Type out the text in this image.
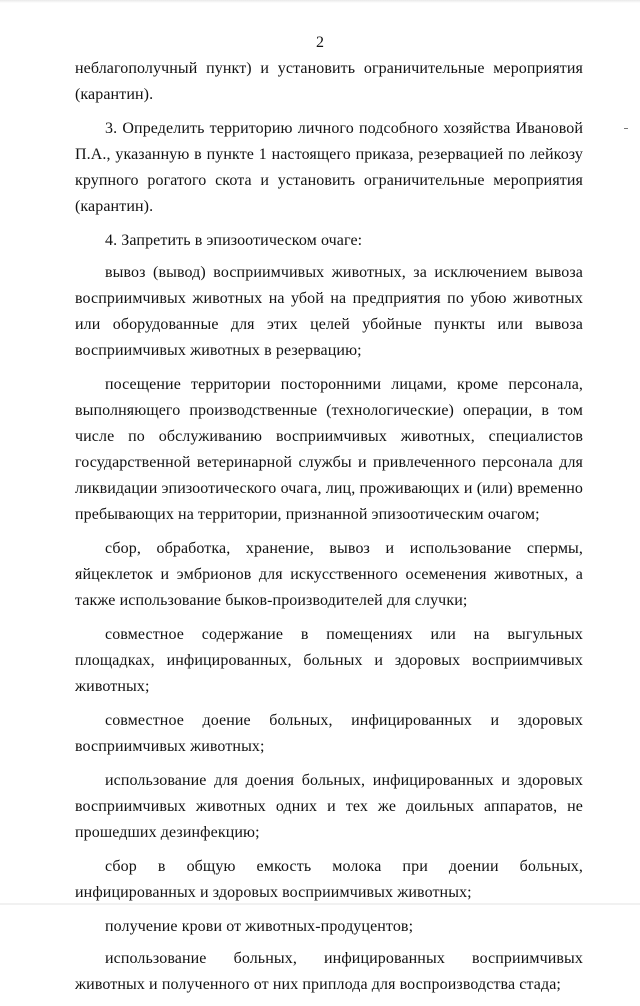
2

неблагополучный пункт) и установить ограничительные мероприятия (карантин).

3. Определить территорию личного подсобного хозяйства Ивановой П.А., указанную в пункте 1 настоящего приказа, резервацией по лейкозу крупного рогатого скота и установить ограничительные мероприятия (карантин).

4. Запретить в эпизоотическом очаге:

вывоз (вывод) восприимчивых животных, за исключением вывоза восприимчивых животных на убой на предприятия по убою животных или оборудованные для этих целей убойные пункты или вывоза восприимчивых животных в резервацию;

посещение территории посторонними лицами, кроме персонала, выполняющего производственные (технологические) операции, в том числе по обслуживанию восприимчивых животных, специалистов государственной ветеринарной службы и привлеченного персонала для ликвидации эпизоотического очага, лиц, проживающих и (или) временно пребывающих на территории, признанной эпизоотическим очагом;

сбор, обработка, хранение, вывоз и использование спермы, яйцеклеток и эмбрионов для искусственного осеменения животных, а также использование быков-производителей для случки;

совместное содержание в помещениях или на выгульных площадках, инфицированных, больных и здоровых восприимчивых животных;

совместное доение больных, инфицированных и здоровых восприимчивых животных;

использование для доения больных, инфицированных и здоровых восприимчивых животных одних и тех же доильных аппаратов, не прошедших дезинфекцию;

сбор в общую емкость молока при доении больных, инфицированных и здоровых восприимчивых животных;

получение крови от животных-продуцентов;

использование больных, инфицированных восприимчивых животных и полученного от них приплода для воспроизводства стада;
